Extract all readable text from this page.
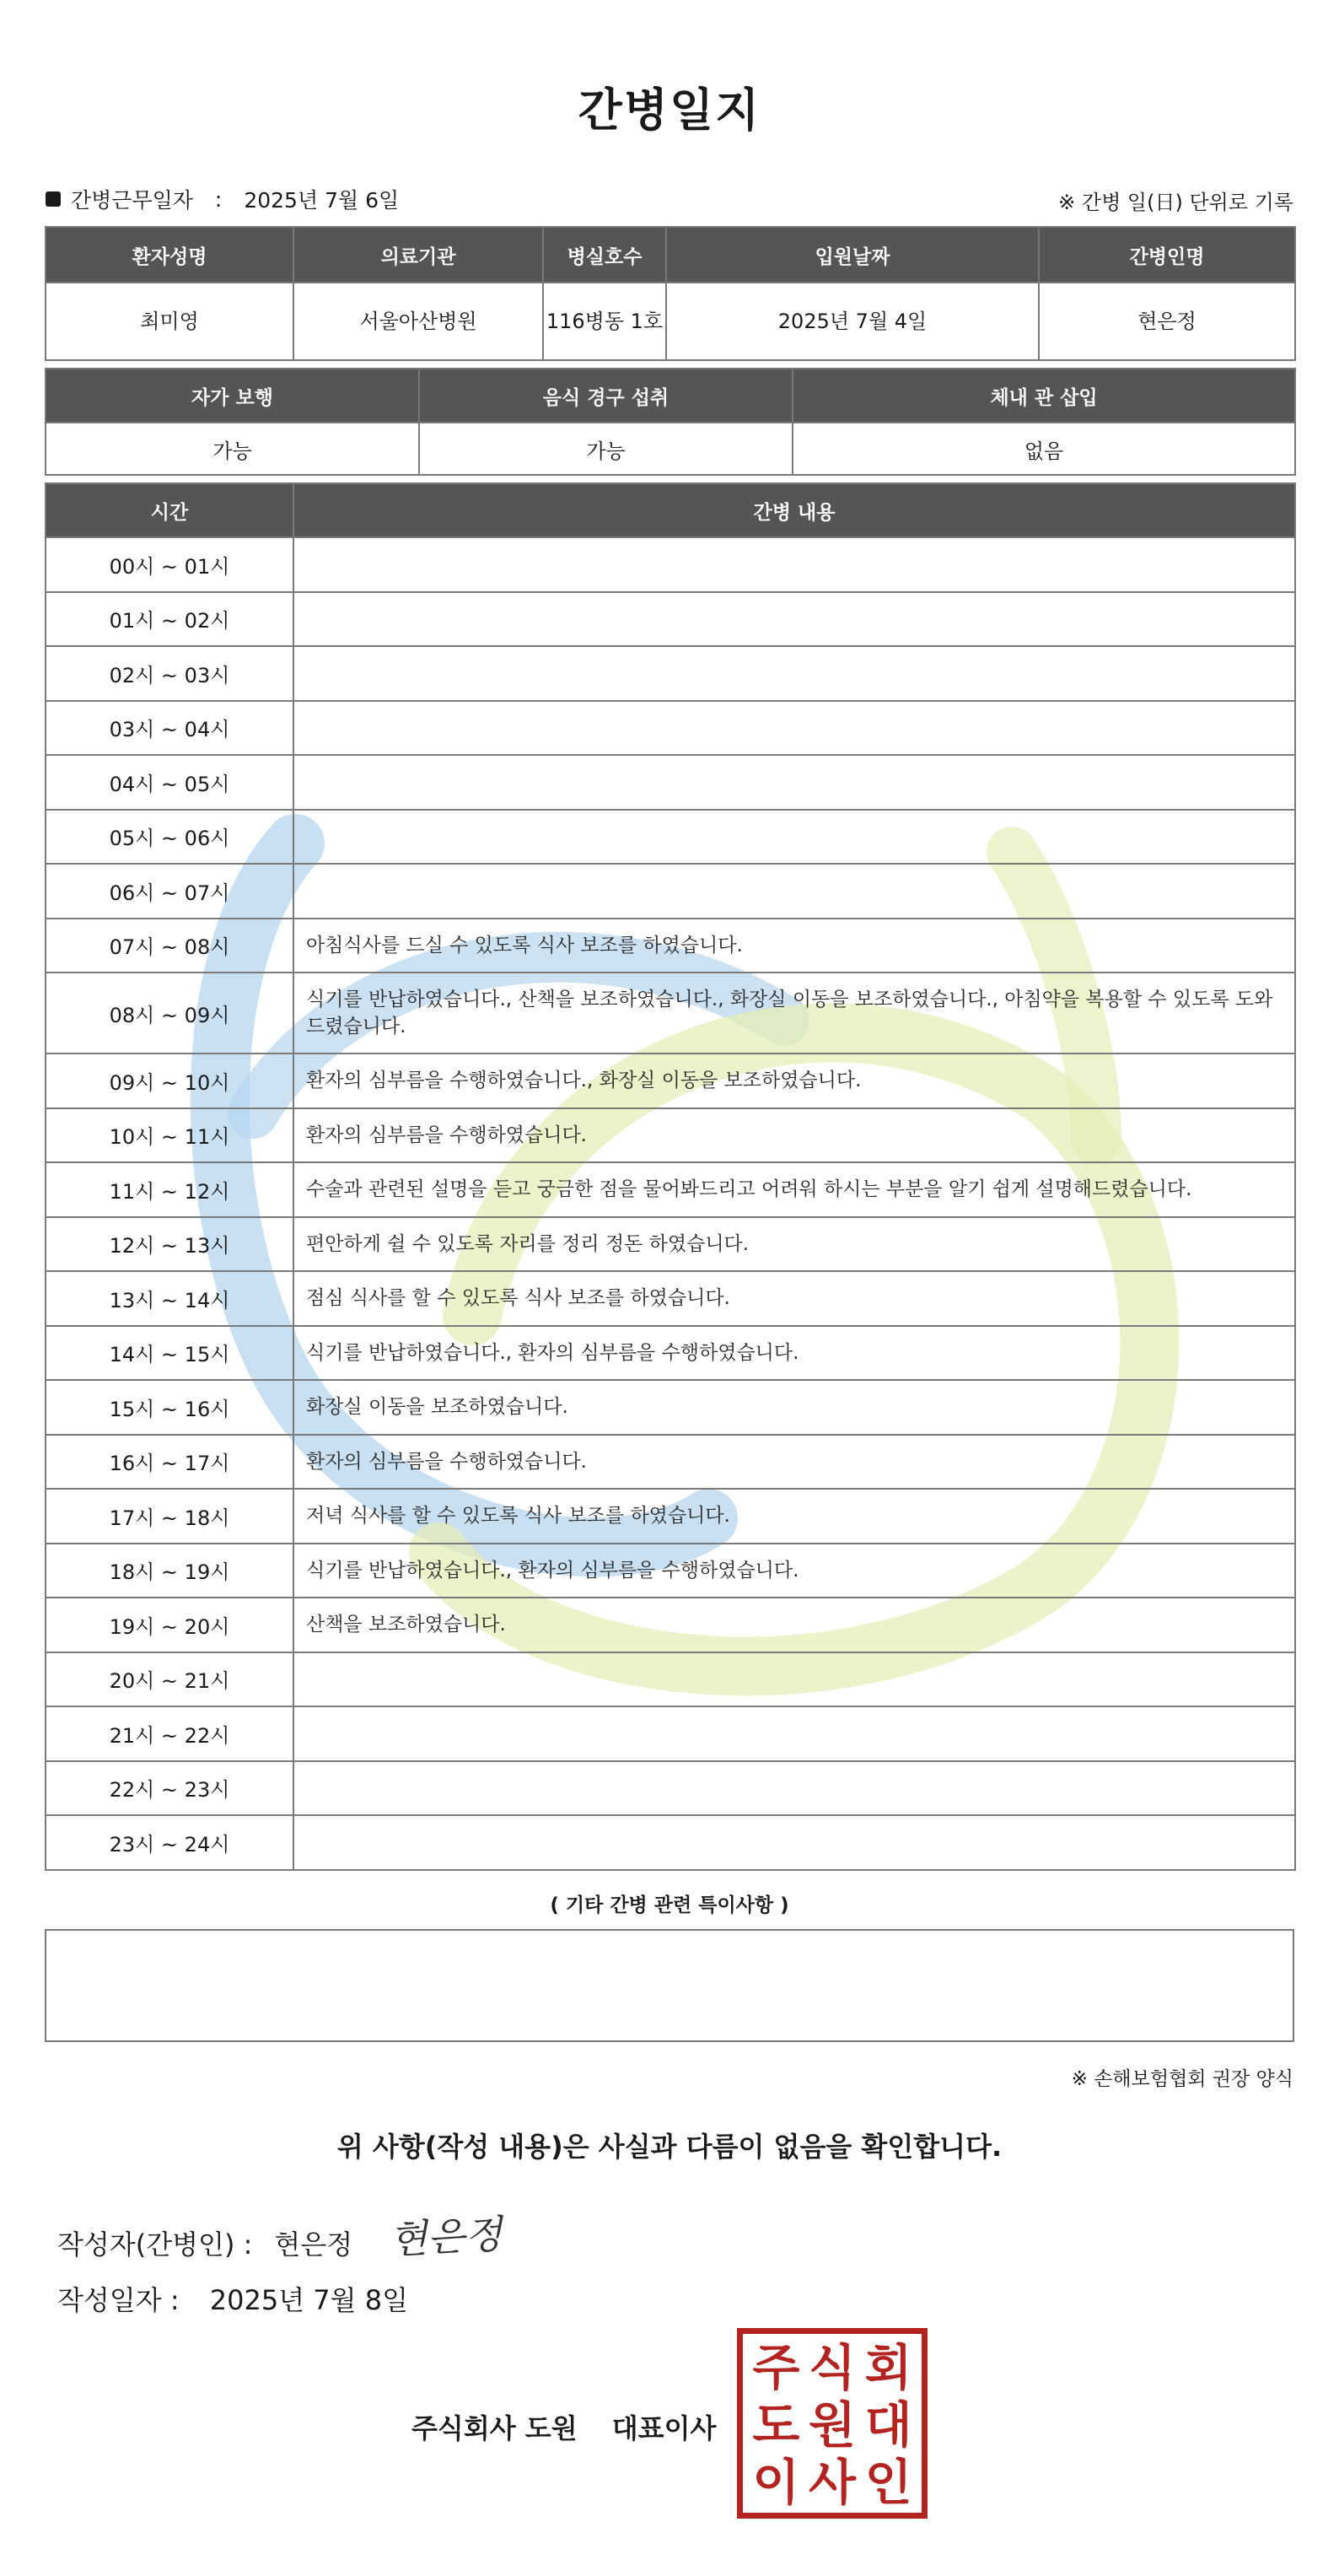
간병일지
간병근무일자 : 2025년 7월 6일	※ 간병 일(日) 단위로 기록
환자성명	의료기관	병실호수	입원날짜	간병인명
최미영	서울아산병원	116병동 1호	2025년 7월 4일	현은정
자가 보행	음식 경구 섭취	체내 관 삽입
가능	가능	없음
시간	간병 내용
00시 ~ 01시	
01시 ~ 02시	
02시 ~ 03시	
03시 ~ 04시	
04시 ~ 05시	
05시 ~ 06시	
06시 ~ 07시	
07시 ~ 08시	아침식사를 드실 수 있도록 식사 보조를 하였습니다.
08시 ~ 09시	식기를 반납하였습니다., 산책을 보조하였습니다., 화장실 이동을 보조하였습니다., 아침약을 복용할 수 있도록 도와드렸습니다.
09시 ~ 10시	환자의 심부름을 수행하였습니다., 화장실 이동을 보조하였습니다.
10시 ~ 11시	환자의 심부름을 수행하였습니다.
11시 ~ 12시	수술과 관련된 설명을 듣고 궁금한 점을 물어봐드리고 어려워 하시는 부분을 알기 쉽게 설명해드렸습니다.
12시 ~ 13시	편안하게 쉴 수 있도록 자리를 정리 정돈 하였습니다.
13시 ~ 14시	점심 식사를 할 수 있도록 식사 보조를 하였습니다.
14시 ~ 15시	식기를 반납하였습니다., 환자의 심부름을 수행하였습니다.
15시 ~ 16시	화장실 이동을 보조하였습니다.
16시 ~ 17시	환자의 심부름을 수행하였습니다.
17시 ~ 18시	저녁 식사를 할 수 있도록 식사 보조를 하였습니다.
18시 ~ 19시	식기를 반납하였습니다., 환자의 심부름을 수행하였습니다.
19시 ~ 20시	산책을 보조하였습니다.
20시 ~ 21시	
21시 ~ 22시	
22시 ~ 23시	
23시 ~ 24시	
( 기타 간병 관련 특이사항 )
※ 손해보험협회 권장 양식
위 사항(작성 내용)은 사실과 다름이 없음을 확인합니다.
작성자(간병인) : 현은정 현은정
작성일자 : 2025년 7월 8일
주식회사 도원 대표이사
주 식 회
도 원 대
이 사 인
